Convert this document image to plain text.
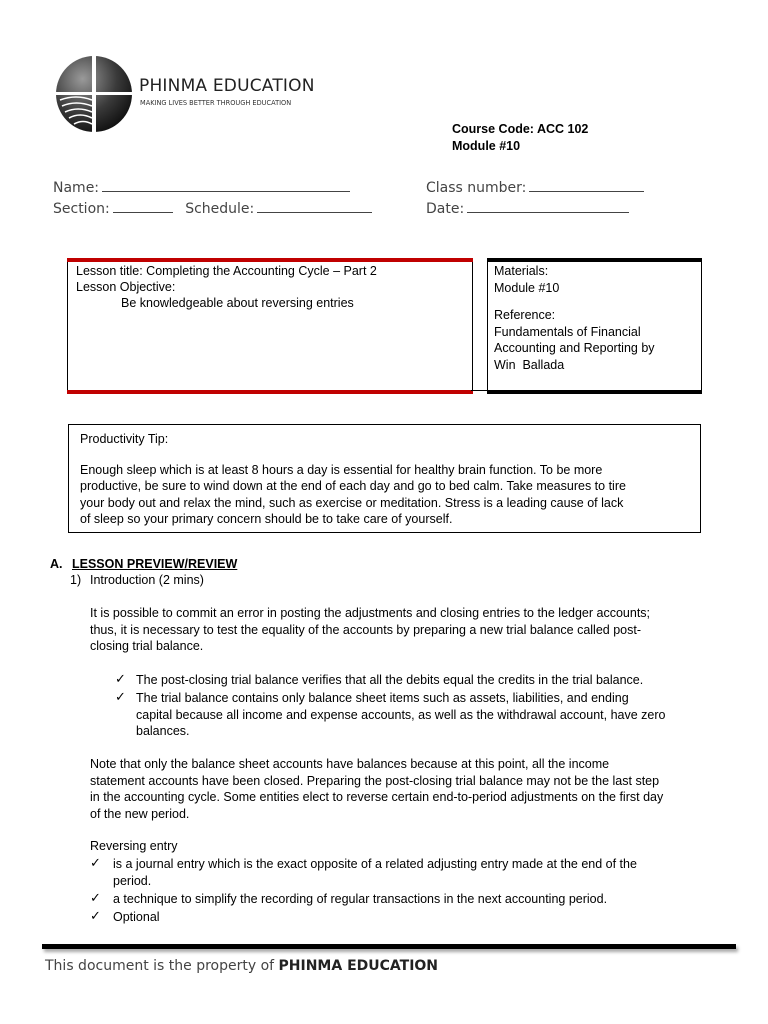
PHINMA EDUCATION
MAKING LIVES BETTER THROUGH EDUCATION
Course Code: ACC 102
Module #10
Name:
Section:	Schedule:
Class number:
Date:
Lesson title: Completing the Accounting Cycle – Part 2
Lesson Objective:
Be knowledgeable about reversing entries
Materials:
Module #10
Reference:
Fundamentals of Financial
Accounting and Reporting by
Win  Ballada
Productivity Tip:
Enough sleep which is at least 8 hours a day is essential for healthy brain function. To be more
productive, be sure to wind down at the end of each day and go to bed calm. Take measures to tire
your body out and relax the mind, such as exercise or meditation. Stress is a leading cause of lack
of sleep so your primary concern should be to take care of yourself.
A. LESSON PREVIEW/REVIEW
1) Introduction (2 mins)
It is possible to commit an error in posting the adjustments and closing entries to the ledger accounts;
thus, it is necessary to test the equality of the accounts by preparing a new trial balance called post-
closing trial balance.
✓ The post-closing trial balance verifies that all the debits equal the credits in the trial balance.
✓ The trial balance contains only balance sheet items such as assets, liabilities, and ending
capital because all income and expense accounts, as well as the withdrawal account, have zero
balances.
Note that only the balance sheet accounts have balances because at this point, all the income
statement accounts have been closed. Preparing the post-closing trial balance may not be the last step
in the accounting cycle. Some entities elect to reverse certain end-to-period adjustments on the first day
of the new period.
Reversing entry
✓ is a journal entry which is the exact opposite of a related adjusting entry made at the end of the
period.
✓ a technique to simplify the recording of regular transactions in the next accounting period.
✓ Optional
This document is the property of PHINMA EDUCATION
